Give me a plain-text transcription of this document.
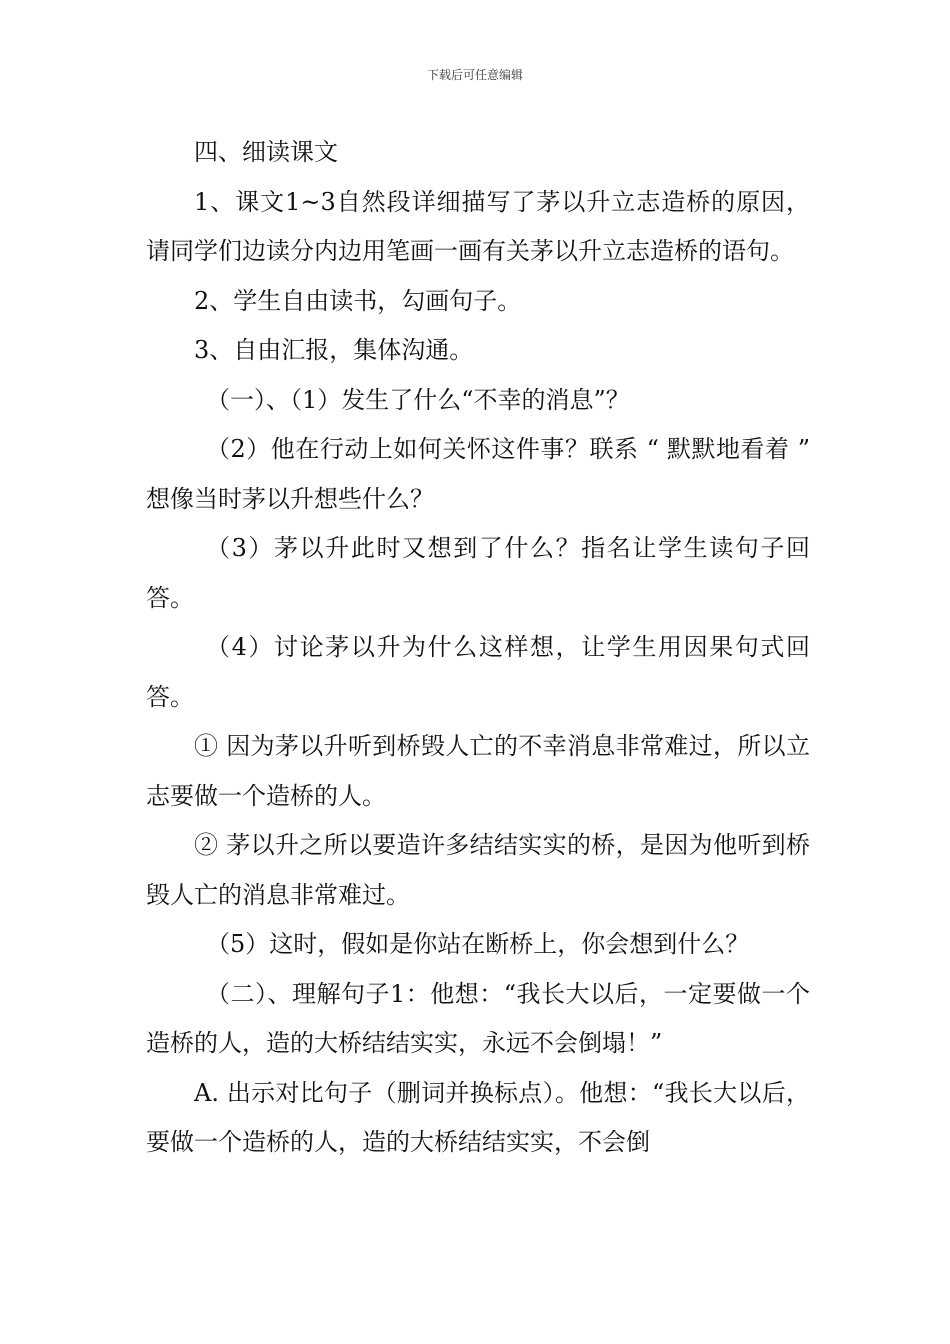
下载后可任意编辑

四、细读课文

1、课文1~3自然段详细描写了茅以升立志造桥的原因，请同学们边读分内边用笔画一画有关茅以升立志造桥的语句。

2、学生自由读书，勾画句子。

3、自由汇报，集体沟通。

（一）、（1）发生了什么“不幸的消息”？

（2）他在行动上如何关怀这件事？联系 “ 默默地看着 ” 想像当时茅以升想些什么？

（3）茅以升此时又想到了什么？指名让学生读句子回答。

（4）讨论茅以升为什么这样想，让学生用因果句式回答。

① 因为茅以升听到桥毁人亡的不幸消息非常难过，所以立志要做一个造桥的人。

② 茅以升之所以要造许多结结实实的桥，是因为他听到桥毁人亡的消息非常难过。

（5）这时，假如是你站在断桥上，你会想到什么？

（二）、理解句子1：他想：“我长大以后，一定要做一个造桥的人，造的大桥结结实实，永远不会倒塌！”

A. 出示对比句子（删词并换标点）。他想：“我长大以后，要做一个造桥的人，造的大桥结结实实，不会倒
